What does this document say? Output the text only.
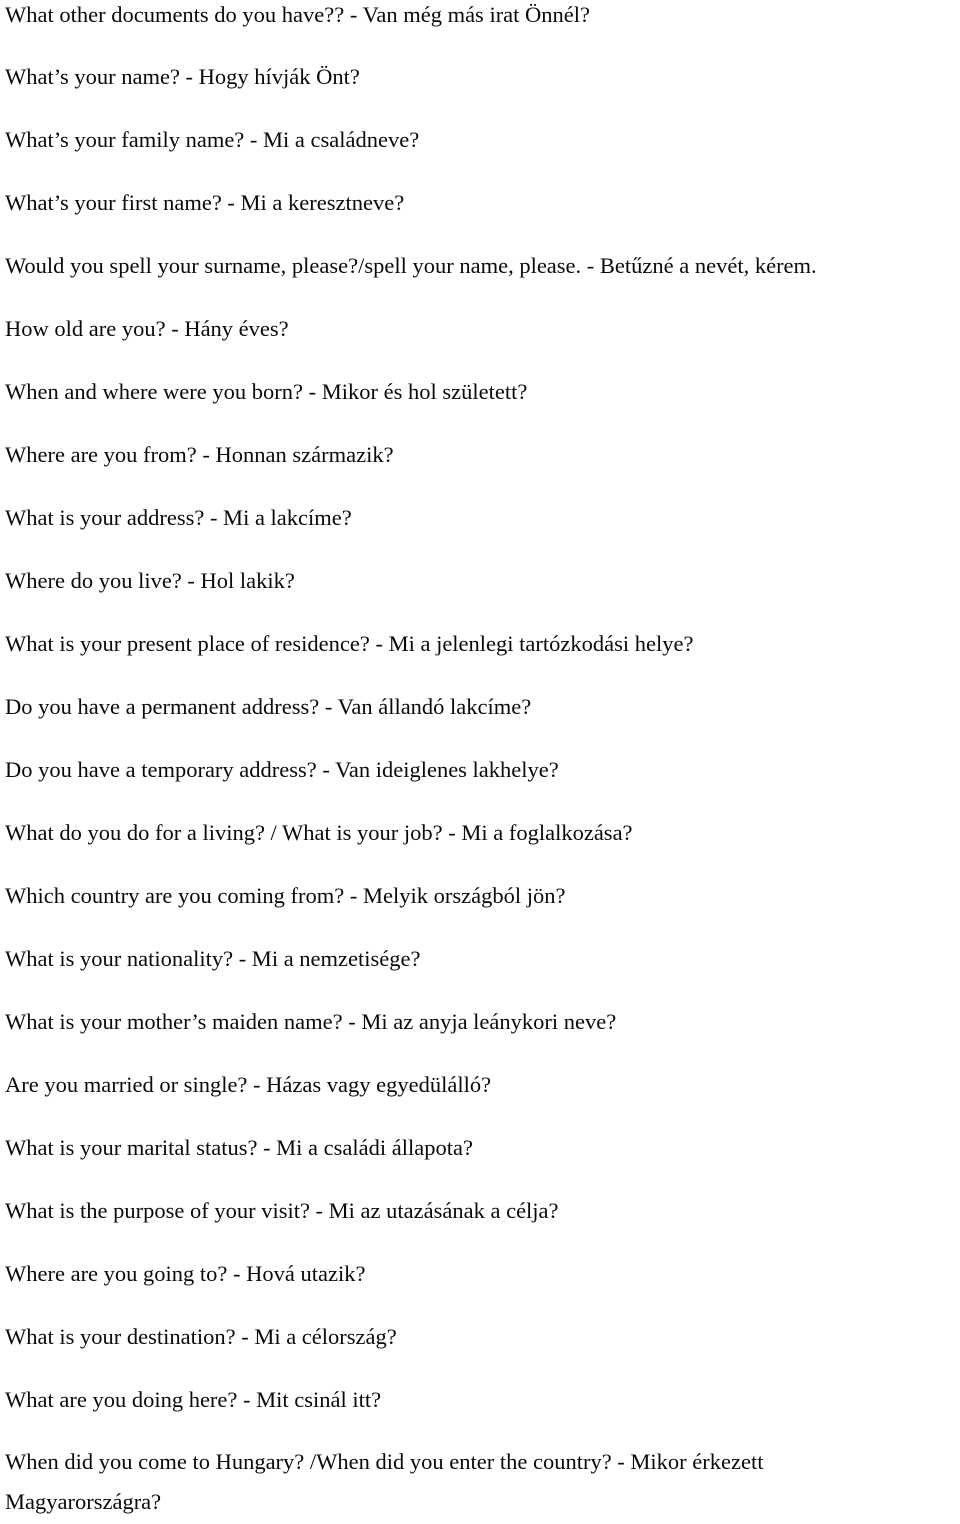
What other documents do you have?? - Van még más irat Önnél?
What’s your name? - Hogy hívják Önt?
What’s your family name? - Mi a családneve?
What’s your first name? - Mi a keresztneve?
Would you spell your surname, please?/spell your name, please. - Betűzné a nevét, kérem.
How old are you? - Hány éves?
When and where were you born? - Mikor és hol született?
Where are you from? - Honnan származik?
What is your address? - Mi a lakcíme?
Where do you live? - Hol lakik?
What is your present place of residence? - Mi a jelenlegi tartózkodási helye?
Do you have a permanent address? - Van állandó lakcíme?
Do you have a temporary address? - Van ideiglenes lakhelye?
What do you do for a living? / What is your job? - Mi a foglalkozása?
Which country are you coming from? - Melyik országból jön?
What is your nationality? - Mi a nemzetisége?
What is your mother’s maiden name? - Mi az anyja leánykori neve?
Are you married or single? - Házas vagy egyedülálló?
What is your marital status? - Mi a családi állapota?
What is the purpose of your visit? - Mi az utazásának a célja?
Where are you going to? - Hová utazik?
What is your destination? - Mi a célország?
What are you doing here? - Mit csinál itt?
When did you come to Hungary? /When did you enter the country? - Mikor érkezett Magyarországra?
